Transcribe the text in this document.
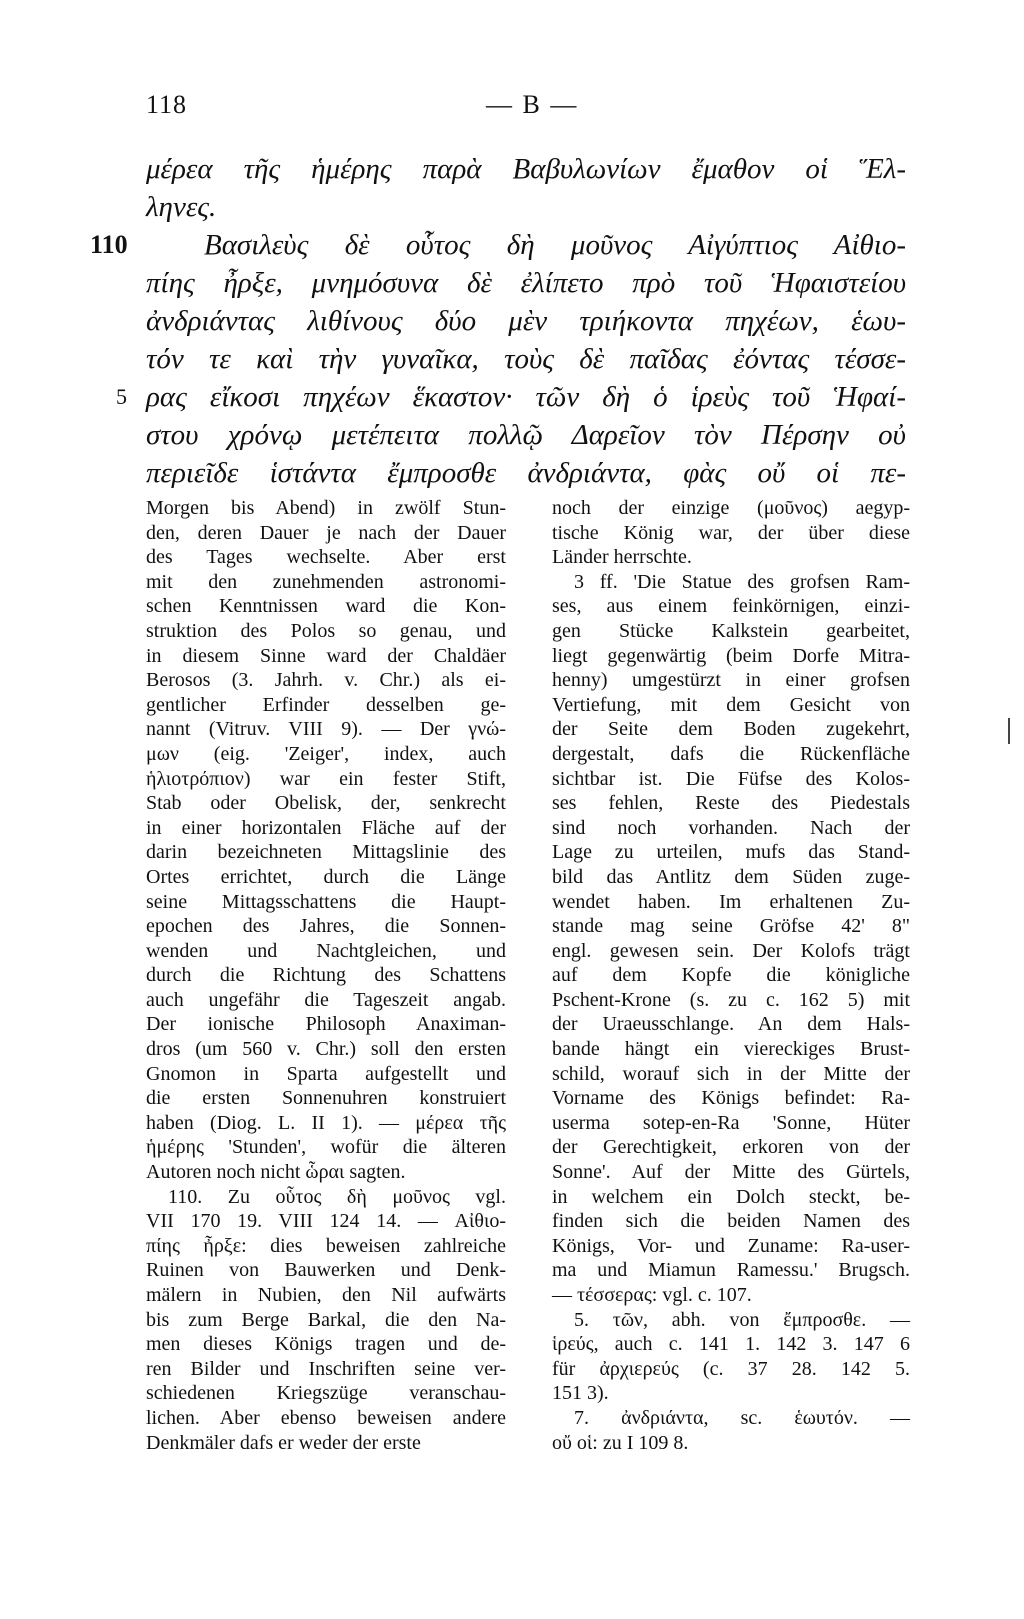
118	— B —
μέρεα τῆς ἡμέρης παρὰ Βαβυλωνίων ἔμαθον οἱ Ἕλ-
ληνες.
110	Βασιλεὺς δὲ οὗτος δὴ μοῦνος Αἰγύπτιος Αἰθιο-
πίης ἦρξε, μνημόσυνα δὲ ἐλίπετο πρὸ τοῦ Ἡφαιστείου
ἀνδριάντας λιθίνους δύο μὲν τριήκοντα πηχέων, ἑωυ-
τόν τε καὶ τὴν γυναῖκα, τοὺς δὲ παῖδας ἐόντας τέσσε-
5 ρας εἴκοσι πηχέων ἕκαστον· τῶν δὴ ὁ ἱρεὺς τοῦ Ἡφαί-
στου χρόνῳ μετέπειτα πολλῷ Δαρεῖον τὸν Πέρσην οὐ
περιεῖδε ἱστάντα ἔμπροσθε ἀνδριάντα, φὰς οὔ οἱ πε-
Morgen bis Abend) in zwölf Stun-
den, deren Dauer je nach der Dauer
des Tages wechselte. Aber erst
mit den zunehmenden astronomi-
schen Kenntnissen ward die Kon-
struktion des Polos so genau, und
in diesem Sinne ward der Chaldäer
Berosos (3. Jahrh. v. Chr.) als ei-
gentlicher Erfinder desselben ge-
nannt (Vitruv. VIII 9). — Der γνώ-
μων (eig. 'Zeiger', index, auch
ἡλιοτρόπιον) war ein fester Stift,
Stab oder Obelisk, der, senkrecht
in einer horizontalen Fläche auf der
darin bezeichneten Mittagslinie des
Ortes errichtet, durch die Länge
seine Mittagsschattens die Haupt-
epochen des Jahres, die Sonnen-
wenden und Nachtgleichen, und
durch die Richtung des Schattens
auch ungefähr die Tageszeit angab.
Der ionische Philosoph Anaximan-
dros (um 560 v. Chr.) soll den ersten
Gnomon in Sparta aufgestellt und
die ersten Sonnenuhren konstruiert
haben (Diog. L. II 1). — μέρεα τῆς
ἡμέρης 'Stunden', wofür die älteren
Autoren noch nicht ὧραι sagten.
110. Zu οὗτος δὴ μοῦνος vgl.
VII 170 19. VIII 124 14. — Αἰθιο-
πίης ἦρξε: dies beweisen zahlreiche
Ruinen von Bauwerken und Denk-
mälern in Nubien, den Nil aufwärts
bis zum Berge Barkal, die den Na-
men dieses Königs tragen und de-
ren Bilder und Inschriften seine ver-
schiedenen Kriegszüge veranschau-
lichen. Aber ebenso beweisen andere
Denkmäler dafs er weder der erste
noch der einzige (μοῦνος) aegyp-
tische König war, der über diese
Länder herrschte.
3 ff. 'Die Statue des grofsen Ram-
ses, aus einem feinkörnigen, einzi-
gen Stücke Kalkstein gearbeitet,
liegt gegenwärtig (beim Dorfe Mitra-
henny) umgestürzt in einer grofsen
Vertiefung, mit dem Gesicht von
der Seite dem Boden zugekehrt,
dergestalt, dafs die Rückenfläche
sichtbar ist. Die Füfse des Kolos-
ses fehlen, Reste des Piedestals
sind noch vorhanden. Nach der
Lage zu urteilen, mufs das Stand-
bild das Antlitz dem Süden zuge-
wendet haben. Im erhaltenen Zu-
stande mag seine Gröfse 42' 8"
engl. gewesen sein. Der Kolofs trägt
auf dem Kopfe die königliche
Pschent-Krone (s. zu c. 162 5) mit
der Uraeusschlange. An dem Hals-
bande hängt ein viereckiges Brust-
schild, worauf sich in der Mitte der
Vorname des Königs befindet: Ra-
userma sotep-en-Ra 'Sonne, Hüter
der Gerechtigkeit, erkoren von der
Sonne'. Auf der Mitte des Gürtels,
in welchem ein Dolch steckt, be-
finden sich die beiden Namen des
Königs, Vor- und Zuname: Ra-user-
ma und Miamun Ramessu.' Brugsch.
— τέσσερας: vgl. c. 107.
5. τῶν, abh. von ἔμπροσθε. —
ἱρεύς, auch c. 141 1. 142 3. 147 6
für ἀρχιερεύς (c. 37 28. 142 5.
151 3).
7. ἀνδριάντα, sc. ἑωυτόν. —
οὔ οἱ: zu I 109 8.
